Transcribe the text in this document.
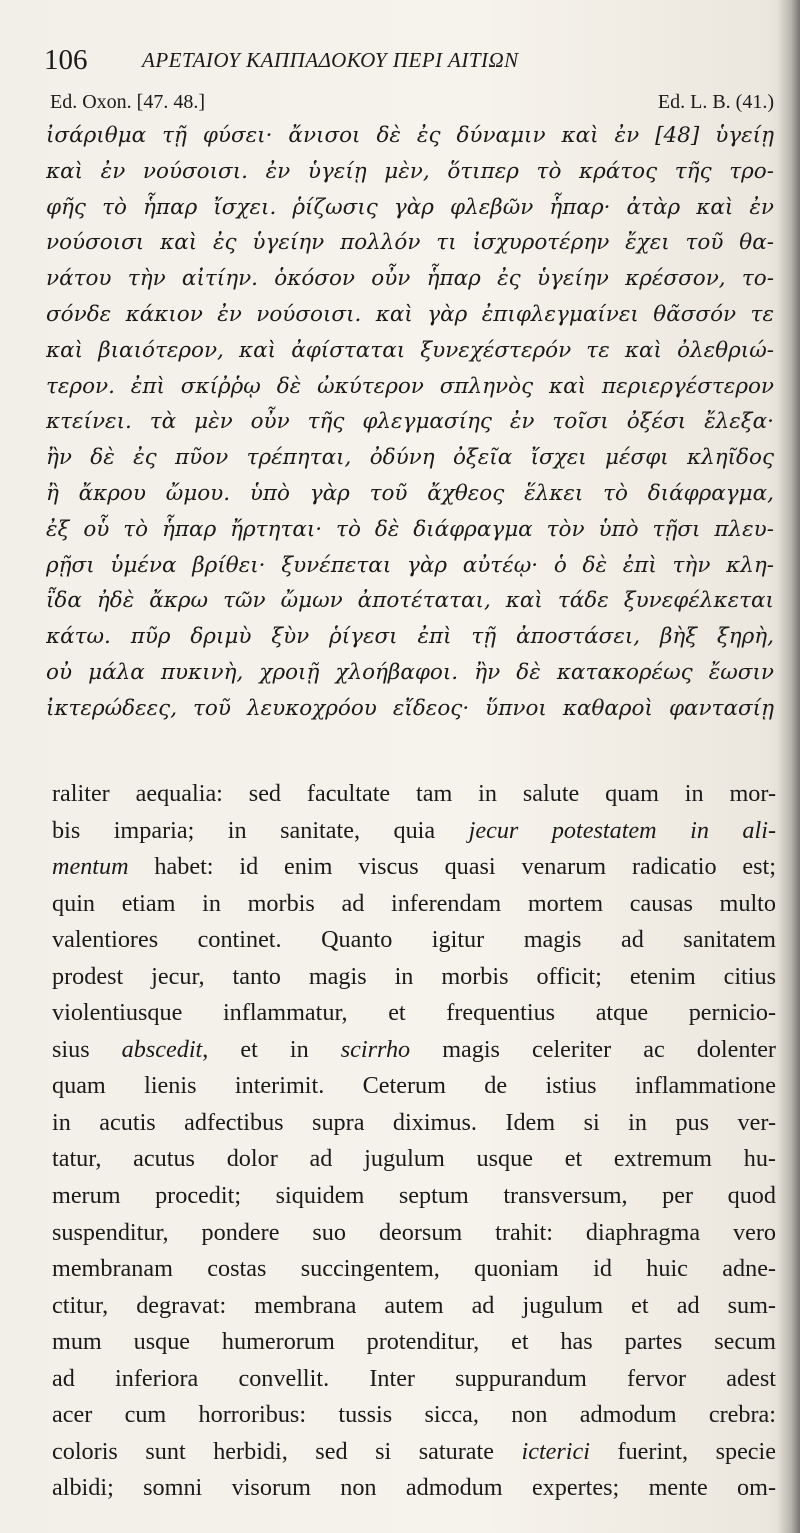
106	ΑΡΕΤΑΙΟΥ ΚΑΠΠΑΔΟΚΟΥ ΠΕΡΙ ΑΙΤΙΩΝ
Ed. Oxon. [47. 48.]	Ed. L. B. (41.)
ἰσάριθμα τῇ φύσει· ἄνισοι δὲ ἐς δύναμιν καὶ ἐν [48] ὑγείῃ
καὶ ἐν νούσοισι. ἐν ὑγείῃ μὲν, ὅτιπερ τὸ κράτος τῆς τρο-
φῆς τὸ ἧπαρ ἴσχει. ῥίζωσις γὰρ φλεβῶν ἧπαρ· ἀτὰρ καὶ ἐν
νούσοισι καὶ ἐς ὑγείην πολλόν τι ἰσχυροτέρην ἔχει τοῦ θα-
νάτου τὴν αἰτίην. ὁκόσον οὖν ἧπαρ ἐς ὑγείην κρέσσον, το-
σόνδε κάκιον ἐν νούσοισι. καὶ γὰρ ἐπιφλεγμαίνει θᾶσσόν τε
καὶ βιαιότερον, καὶ ἀφίσταται ξυνεχέστερόν τε καὶ ὀλεθριώ-
τερον. ἐπὶ σκίῤῥῳ δὲ ὠκύτερον σπληνὸς καὶ περιεργέστερον
κτείνει. τὰ μὲν οὖν τῆς φλεγμασίης ἐν τοῖσι ὀξέσι ἔλεξα·
ἢν δὲ ἐς πῦον τρέπηται, ὀδύνη ὀξεῖα ἴσχει μέσφι κληῖδος
ἢ ἄκρου ὤμου. ὑπὸ γὰρ τοῦ ἄχθεος ἕλκει τὸ διάφραγμα,
ἐξ οὗ τὸ ἧπαρ ἤρτηται· τὸ δὲ διάφραγμα τὸν ὑπὸ τῇσι πλευ-
ρῇσι ὑμένα βρίθει· ξυνέπεται γὰρ αὐτέῳ· ὁ δὲ ἐπὶ τὴν κλη-
ῗδα ἠδὲ ἄκρω τῶν ὤμων ἀποτέταται, καὶ τάδε ξυνεφέλκεται
κάτω. πῦρ δριμὺ ξὺν ῥίγεσι ἐπὶ τῇ ἀποστάσει, βὴξ ξηρὴ,
οὐ μάλα πυκινὴ, χροιῇ χλοήβαφοι. ἢν δὲ κατακορέως ἔωσιν
ἰκτερώδεες, τοῦ λευκοχρόου εἴδεος· ὕπνοι καθαροὶ φαντασίῃ
raliter aequalia: sed facultate tam in salute quam in mor-
bis imparia; in sanitate, quia jecur potestatem in ali-
mentum habet: id enim viscus quasi venarum radicatio est;
quin etiam in morbis ad inferendam mortem causas multo
valentiores continet. Quanto igitur magis ad sanitatem
prodest jecur, tanto magis in morbis officit; etenim citius
violentiusque inflammatur, et frequentius atque pernicio-
sius abscedit, et in scirrho magis celeriter ac dolenter
quam lienis interimit. Ceterum de istius inflammatione
in acutis adfectibus supra diximus. Idem si in pus ver-
tatur, acutus dolor ad jugulum usque et extremum hu-
merum procedit; siquidem septum transversum, per quod
suspenditur, pondere suo deorsum trahit: diaphragma vero
membranam costas succingentem, quoniam id huic adne-
ctitur, degravat: membrana autem ad jugulum et ad sum-
mum usque humerorum protenditur, et has partes secum
ad inferiora convellit. Inter suppurandum fervor adest
acer cum horroribus: tussis sicca, non admodum crebra:
coloris sunt herbidi, sed si saturate icterici fuerint, specie
albidi; somni visorum non admodum expertes; mente om-
